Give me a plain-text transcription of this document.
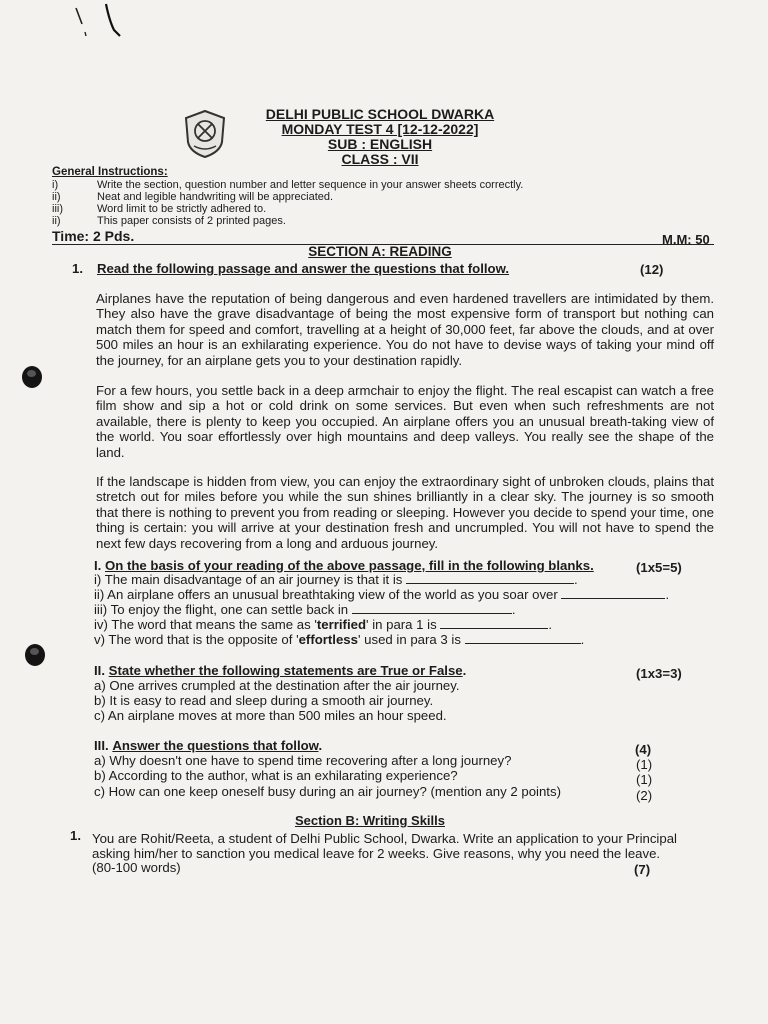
DELHI PUBLIC SCHOOL DWARKA
MONDAY TEST 4 [12-12-2022]
SUB : ENGLISH
CLASS : VII
General Instructions:
i)	Write the section, question number and letter sequence in your answer sheets correctly.
ii)	Neat and legible handwriting will be appreciated.
iii)	Word limit to be strictly adhered to.
ii)	This paper consists of 2 printed pages.
Time: 2 Pds.	M.M: 50
SECTION A: READING
1. Read the following passage and answer the questions that follow.	(12)
Airplanes have the reputation of being dangerous and even hardened travellers are intimidated by them. They also have the grave disadvantage of being the most expensive form of transport but nothing can match them for speed and comfort, travelling at a height of 30,000 feet, far above the clouds, and at over 500 miles an hour is an exhilarating experience. You do not have to devise ways of taking your mind off the journey, for an airplane gets you to your destination rapidly.
For a few hours, you settle back in a deep armchair to enjoy the flight. The real escapist can watch a free film show and sip a hot or cold drink on some services. But even when such refreshments are not available, there is plenty to keep you occupied. An airplane offers you an unusual breath-taking view of the world. You soar effortlessly over high mountains and deep valleys. You really see the shape of the land.
If the landscape is hidden from view, you can enjoy the extraordinary sight of unbroken clouds, plains that stretch out for miles before you while the sun shines brilliantly in a clear sky. The journey is so smooth that there is nothing to prevent you from reading or sleeping. However you decide to spend your time, one thing is certain: you will arrive at your destination fresh and uncrumpled. You will not have to spend the next few days recovering from a long and arduous journey.
I. On the basis of your reading of the above passage, fill in the following blanks.	(1x5=5)
i) The main disadvantage of an air journey is that it is	.
ii) An airplane offers an unusual breathtaking view of the world as you soar over	.
iii) To enjoy the flight, one can settle back in	.
iv) The word that means the same as 'terrified' in para 1 is	.
v) The word that is the opposite of 'effortless' used in para 3 is	.
II. State whether the following statements are True or False.	(1x3=3)
a) One arrives crumpled at the destination after the air journey.
b) It is easy to read and sleep during a smooth air journey.
c) An airplane moves at more than 500 miles an hour speed.
III. Answer the questions that follow.	(4)
a) Why doesn't one have to spend time recovering after a long journey?	(1)
b) According to the author, what is an exhilarating experience?	(1)
c) How can one keep oneself busy during an air journey? (mention any 2 points)	(2)
Section B: Writing Skills
1. You are Rohit/Reeta, a student of Delhi Public School, Dwarka. Write an application to your Principal
asking him/her to sanction you medical leave for 2 weeks. Give reasons, why you need the leave.
(80-100 words)	(7)
